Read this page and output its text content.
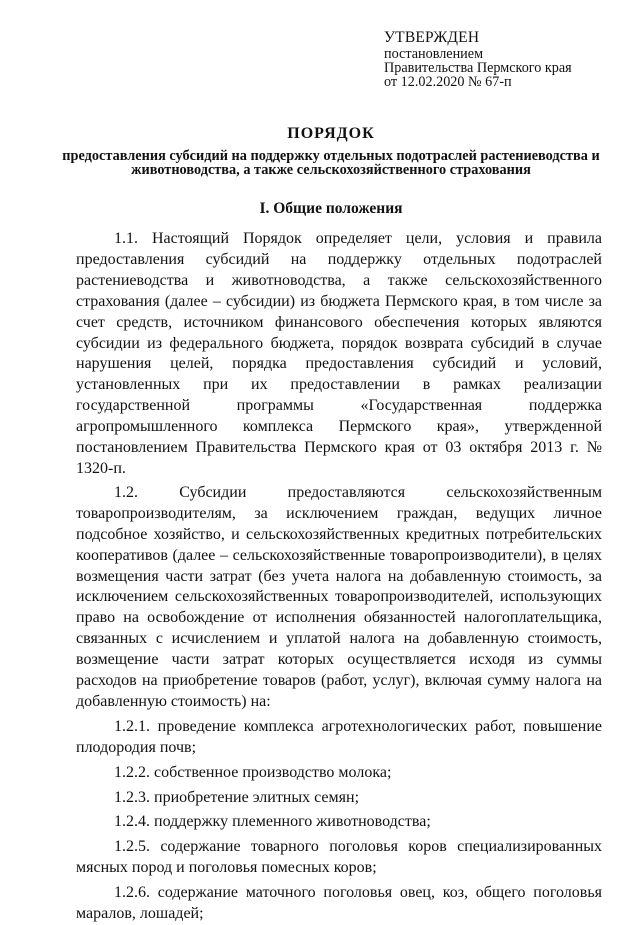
УТВЕРЖДЕН
постановлением
Правительства Пермского края
от 12.02.2020 № 67-п
ПОРЯДОК
предоставления субсидий на поддержку отдельных подотраслей растениеводства и животноводства, а также сельскохозяйственного страхования
I. Общие положения

1.1. Настоящий Порядок определяет цели, условия и правила предоставления субсидий на поддержку отдельных подотраслей растениеводства и животноводства, а также сельскохозяйственного страхования (далее – субсидии) из бюджета Пермского края, в том числе за счет средств, источником финансового обеспечения которых являются субсидии из федерального бюджета, порядок возврата субсидий в случае нарушения целей, порядка предоставления субсидий и условий, установленных при их предоставлении в рамках реализации государственной программы «Государственная поддержка агропромышленного комплекса Пермского края», утвержденной постановлением Правительства Пермского края от 03 октября 2013 г. № 1320-п.

1.2. Субсидии предоставляются сельскохозяйственным товаропроизводителям, за исключением граждан, ведущих личное подсобное хозяйство, и сельскохозяйственных кредитных потребительских кооперативов (далее – сельскохозяйственные товаропроизводители), в целях возмещения части затрат (без учета налога на добавленную стоимость, за исключением сельскохозяйственных товаропроизводителей, использующих право на освобождение от исполнения обязанностей налогоплательщика, связанных с исчислением и уплатой налога на добавленную стоимость, возмещение части затрат которых осуществляется исходя из суммы расходов на приобретение товаров (работ, услуг), включая сумму налога на добавленную стоимость) на:

1.2.1. проведение комплекса агротехнологических работ, повышение плодородия почв;

1.2.2. собственное производство молока;

1.2.3. приобретение элитных семян;

1.2.4. поддержку племенного животноводства;

1.2.5. содержание товарного поголовья коров специализированных мясных пород и поголовья помесных коров;

1.2.6. содержание маточного поголовья овец, коз, общего поголовья маралов, лошадей;
